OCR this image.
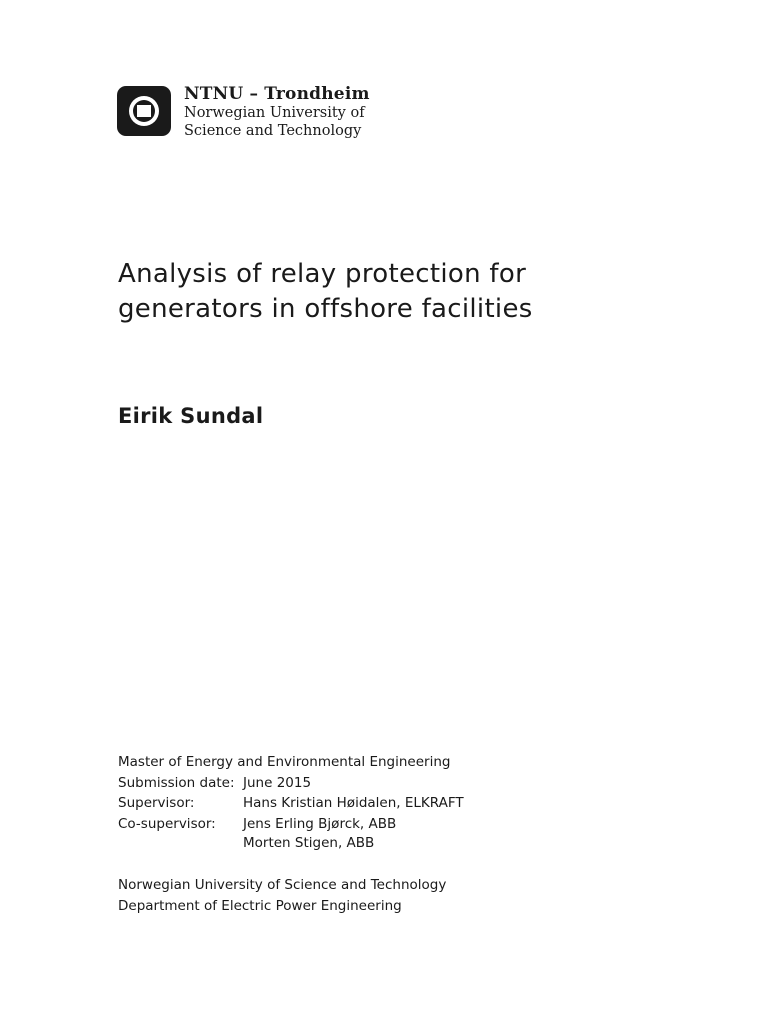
NTNU – Trondheim
Norwegian University of
Science and Technology
Analysis of relay protection for
generators in offshore facilities
Eirik Sundal
Master of Energy and Environmental Engineering
Submission date: June 2015
Supervisor:	Hans Kristian Høidalen, ELKRAFT
Co-supervisor:	Jens Erling Bjørck, ABB
Morten Stigen, ABB
Norwegian University of Science and Technology
Department of Electric Power Engineering
